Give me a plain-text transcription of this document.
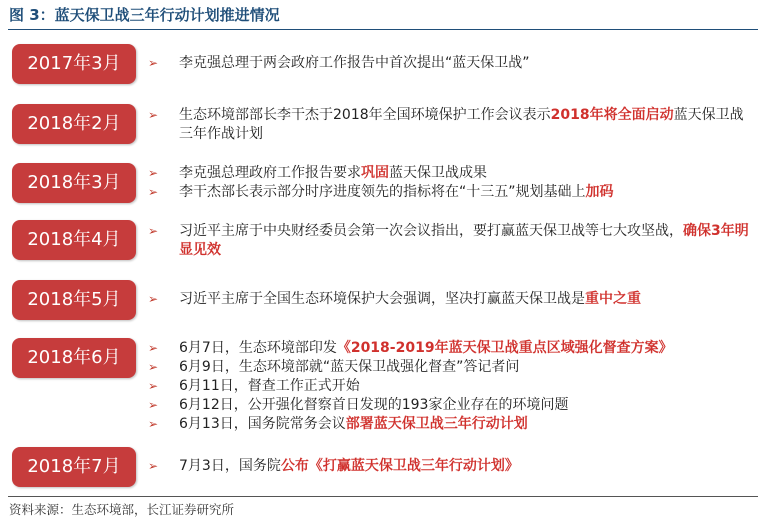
图 3：蓝天保卫战三年行动计划推进情况
2017年3月	➢ 李克强总理于两会政府工作报告中首次提出“蓝天保卫战”
2018年2月	➢ 生态环境部部长李干杰于2018年全国环境保护工作会议表示2018年将全面启动蓝天保卫战三年作战计划
2018年3月	➢ 李克强总理政府工作报告要求巩固蓝天保卫战成果
➢ 李干杰部长表示部分时序进度领先的指标将在“十三五”规划基础上加码
2018年4月	➢ 习近平主席于中央财经委员会第一次会议指出，要打赢蓝天保卫战等七大攻坚战，确保3年明显见效
2018年5月	➢ 习近平主席于全国生态环境保护大会强调，坚决打赢蓝天保卫战是重中之重
2018年6月	➢ 6月7日，生态环境部印发《2018-2019年蓝天保卫战重点区域强化督查方案》
➢ 6月9日，生态环境部就“蓝天保卫战强化督查”答记者问
➢ 6月11日，督查工作正式开始
➢ 6月12日，公开强化督察首日发现的193家企业存在的环境问题
➢ 6月13日，国务院常务会议部署蓝天保卫战三年行动计划
2018年7月	➢ 7月3日，国务院公布《打赢蓝天保卫战三年行动计划》
资料来源：生态环境部，长江证券研究所
